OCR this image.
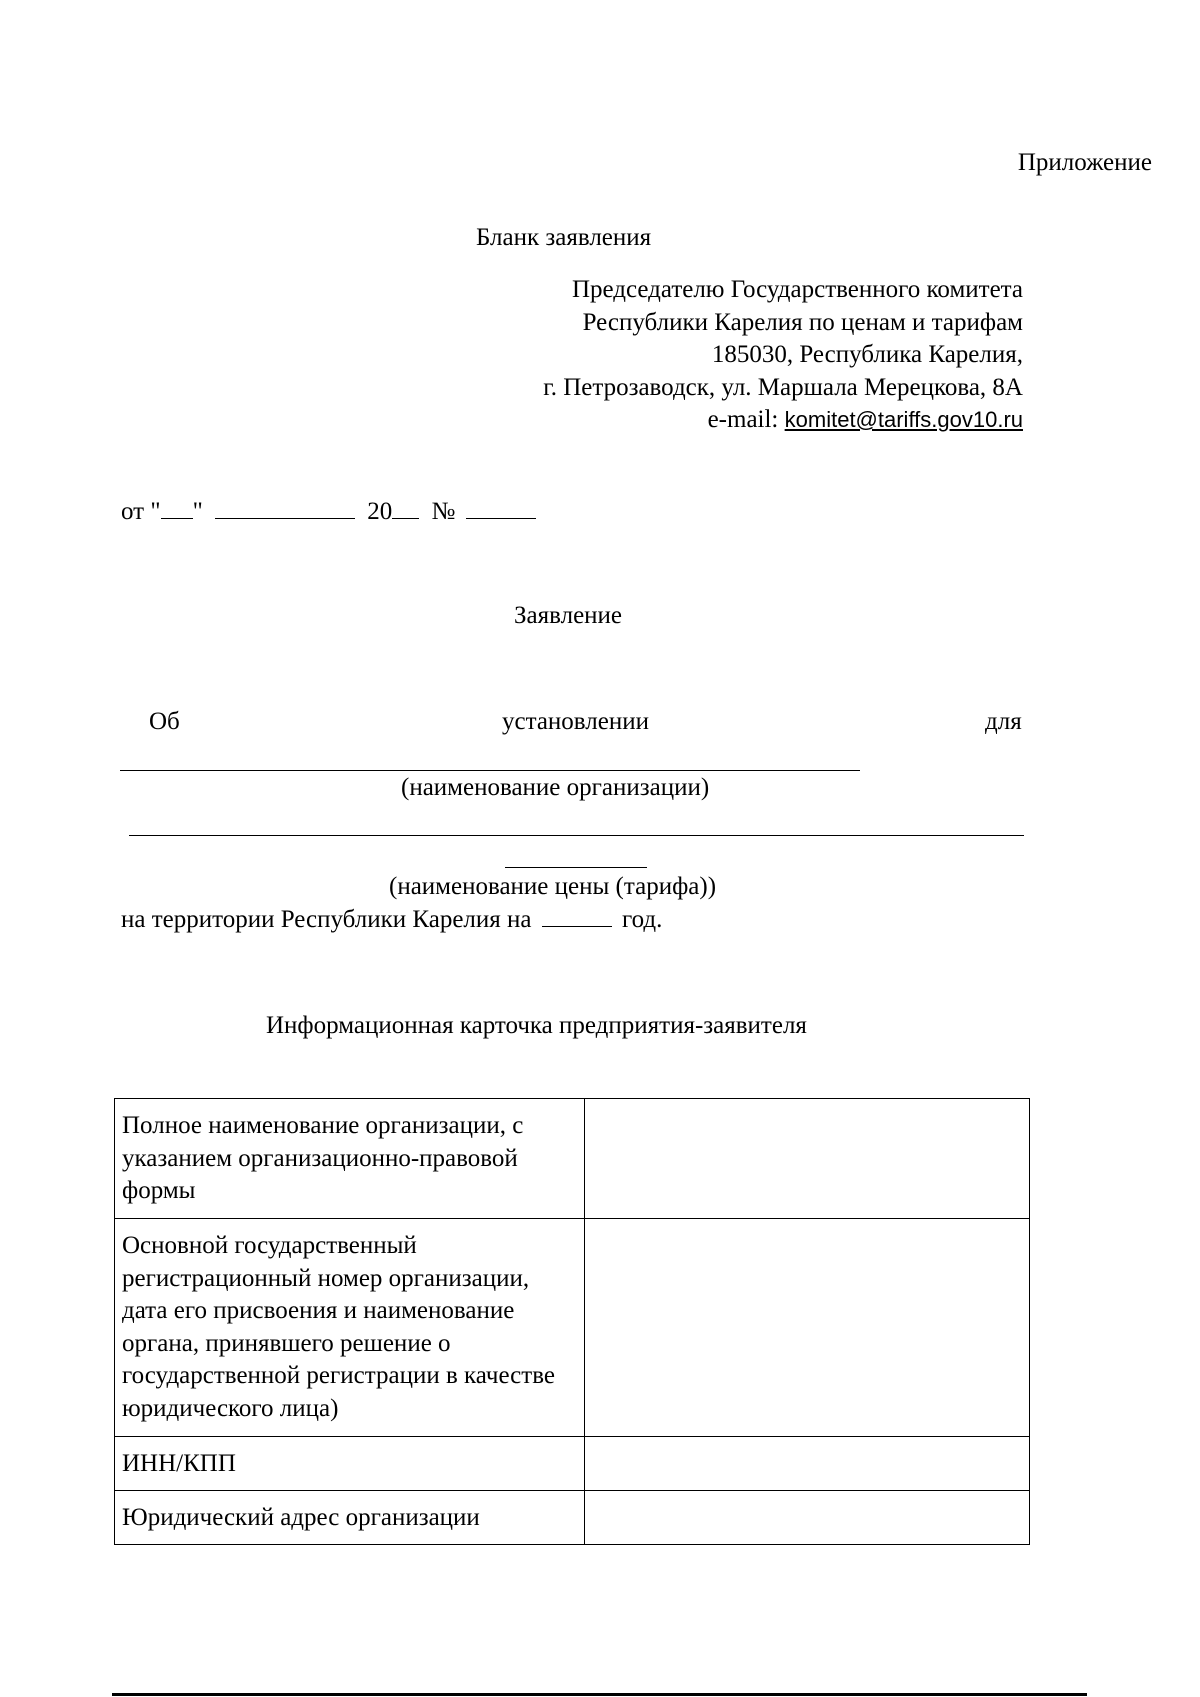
Приложение
Бланк заявления
Председателю Государственного комитета
Республики Карелия по ценам и тарифам
185030, Республика Карелия,
г. Петрозаводск, ул. Маршала Мерецкова, 8А
e-mail: komitet@tariffs.gov10.ru
от " "	20 №
Заявление
Об	установлении	для
(наименование организации)
(наименование цены (тарифа))
на территории Республики Карелия на	год.
Информационная карточка предприятия-заявителя
Полное наименование организации, с указанием организационно-правовой формы	
Основной государственный регистрационный номер организации, дата его присвоения и наименование органа, принявшего решение о государственной регистрации в качестве юридического лица)	
ИНН/КПП	
Юридический адрес организации	
